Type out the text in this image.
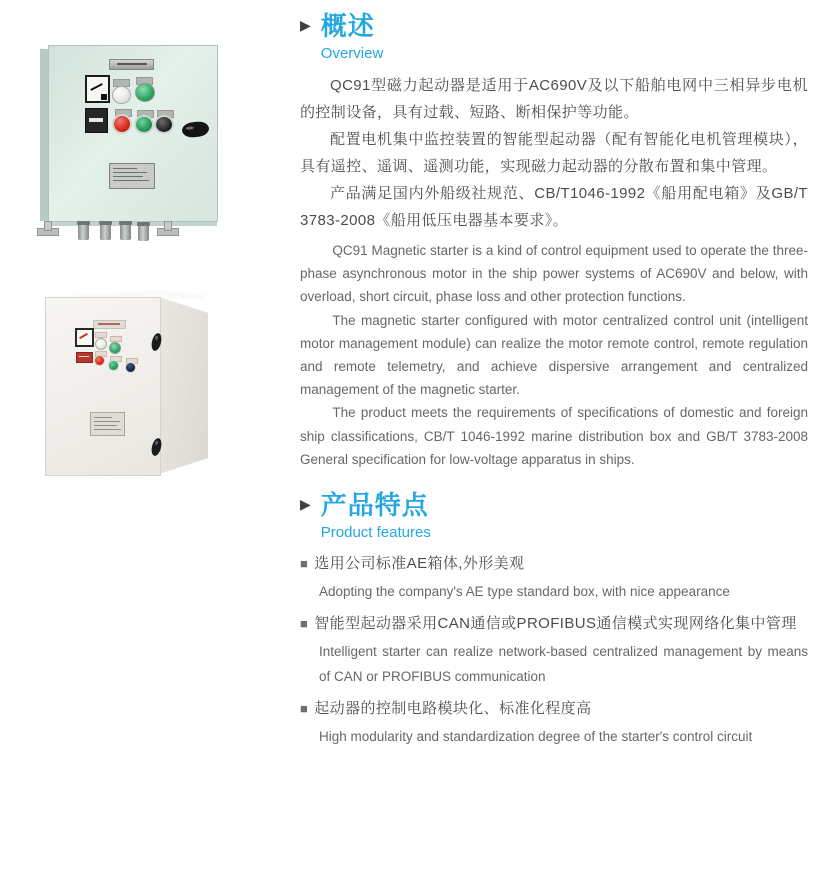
▶ 概述
Overview

QC91型磁力起动器是适用于AC690V及以下船舶电网中三相异步电机的控制设备，具有过载、短路、断相保护等功能。

配置电机集中监控装置的智能型起动器（配有智能化电机管理模块），具有遥控、遥调、遥测功能，实现磁力起动器的分散布置和集中管理。

产品满足国内外船级社规范、CB/T1046-1992《船用配电箱》及GB/T 3783-2008《船用低压电器基本要求》。

QC91 Magnetic starter is a kind of control equipment used to operate the three-phase asynchronous motor in the ship power systems of AC690V and below, with overload, short circuit, phase loss and other protection functions.

The magnetic starter configured with motor centralized control unit (intelligent motor management module) can realize the motor remote control, remote regulation and remote telemetry, and achieve dispersive arrangement and centralized management of the magnetic starter.

The product meets the requirements of specifications of domestic and foreign ship classifications, CB/T 1046-1992 marine distribution box and GB/T 3783-2008 General specification for low-voltage apparatus in ships.

▶ 产品特点
Product features

■ 选用公司标准AE箱体,外形美观

Adopting the company's AE type standard box, with nice appearance

■ 智能型起动器采用CAN通信或PROFIBUS通信模式实现网络化集中管理

Intelligent starter can realize network-based centralized management by means of CAN or PROFIBUS communication

■ 起动器的控制电路模块化、标准化程度高

High modularity and standardization degree of the starter's control circuit
